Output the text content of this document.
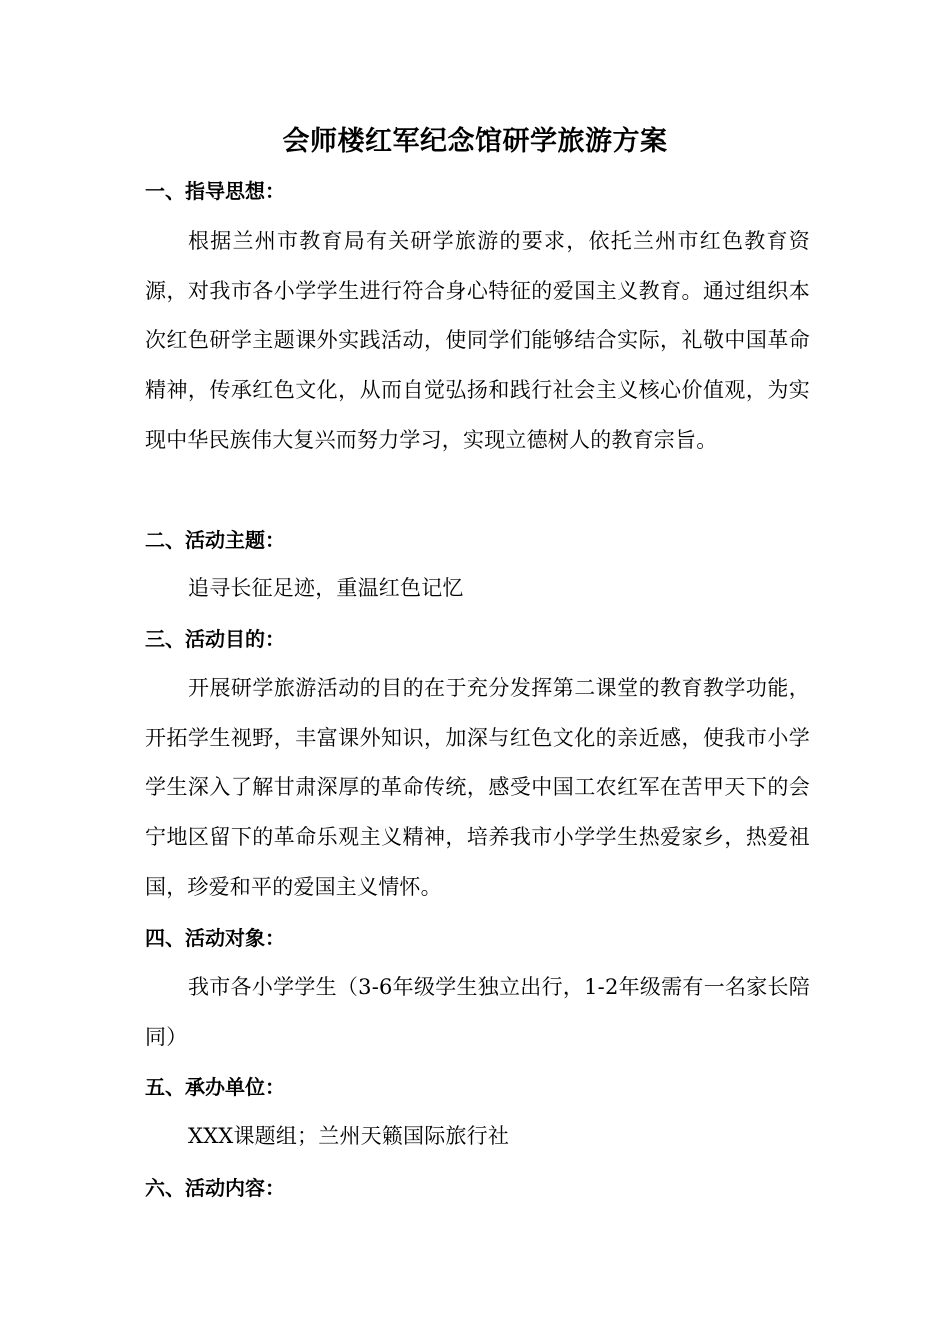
会师楼红军纪念馆研学旅游方案
一、指导思想：
根据兰州市教育局有关研学旅游的要求，依托兰州市红色教育资源，对我市各小学学生进行符合身心特征的爱国主义教育。通过组织本次红色研学主题课外实践活动，使同学们能够结合实际，礼敬中国革命精神，传承红色文化，从而自觉弘扬和践行社会主义核心价值观，为实现中华民族伟大复兴而努力学习，实现立德树人的教育宗旨。
二、活动主题：
追寻长征足迹，重温红色记忆
三、活动目的：
开展研学旅游活动的目的在于充分发挥第二课堂的教育教学功能，开拓学生视野，丰富课外知识，加深与红色文化的亲近感，使我市小学学生深入了解甘肃深厚的革命传统，感受中国工农红军在苦甲天下的会宁地区留下的革命乐观主义精神，培养我市小学学生热爱家乡，热爱祖国，珍爱和平的爱国主义情怀。
四、活动对象：
我市各小学学生（3-6年级学生独立出行，1-2年级需有一名家长陪同）
五、承办单位：
XXX课题组；兰州天籁国际旅行社
六、活动内容：
